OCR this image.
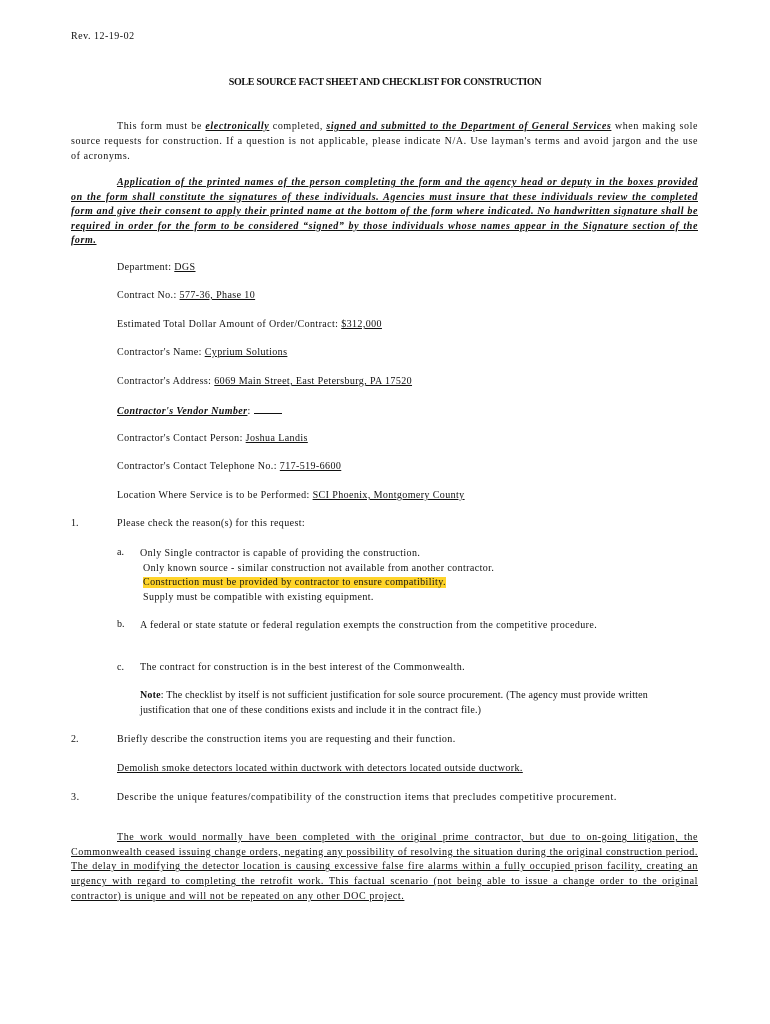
Rev. 12-19-02
SOLE SOURCE FACT SHEET AND CHECKLIST FOR CONSTRUCTION
This form must be electronically completed, signed and submitted to the Department of General Services when making sole source requests for construction. If a question is not applicable, please indicate N/A. Use layman's terms and avoid jargon and the use of acronyms.
Application of the printed names of the person completing the form and the agency head or deputy in the boxes provided on the form shall constitute the signatures of these individuals. Agencies must insure that these individuals review the completed form and give their consent to apply their printed name at the bottom of the form where indicated. No handwritten signature shall be required in order for the form to be considered “signed” by those individuals whose names appear in the Signature section of the form.
Department: DGS
Contract No.: 577-36, Phase 10
Estimated Total Dollar Amount of Order/Contract: $312,000
Contractor's Name: Cyprium Solutions
Contractor's Address: 6069 Main Street, East Petersburg, PA 17520
Contractor's Vendor Number:
Contractor's Contact Person: Joshua Landis
Contractor's Contact Telephone No.: 717-519-6600
Location Where Service is to be Performed: SCI Phoenix, Montgomery County
1.	Please check the reason(s) for this request:
a. Only Single contractor is capable of providing the construction.
Only known source - similar construction not available from another contractor.
Construction must be provided by contractor to ensure compatibility.
Supply must be compatible with existing equipment.
b. A federal or state statute or federal regulation exempts the construction from the competitive procedure.
c. The contract for construction is in the best interest of the Commonwealth.
Note: The checklist by itself is not sufficient justification for sole source procurement. (The agency must provide written justification that one of these conditions exists and include it in the contract file.)
2.	Briefly describe the construction items you are requesting and their function.
Demolish smoke detectors located within ductwork with detectors located outside ductwork.
3.	Describe the unique features/compatibility of the construction items that precludes competitive procurement.
The work would normally have been completed with the original prime contractor, but due to on-going litigation, the Commonwealth ceased issuing change orders, negating any possibility of resolving the situation during the original construction period. The delay in modifying the detector location is causing excessive false fire alarms within a fully occupied prison facility, creating an urgency with regard to completing the retrofit work. This factual scenario (not being able to issue a change order to the original contractor) is unique and will not be repeated on any other DOC project.
